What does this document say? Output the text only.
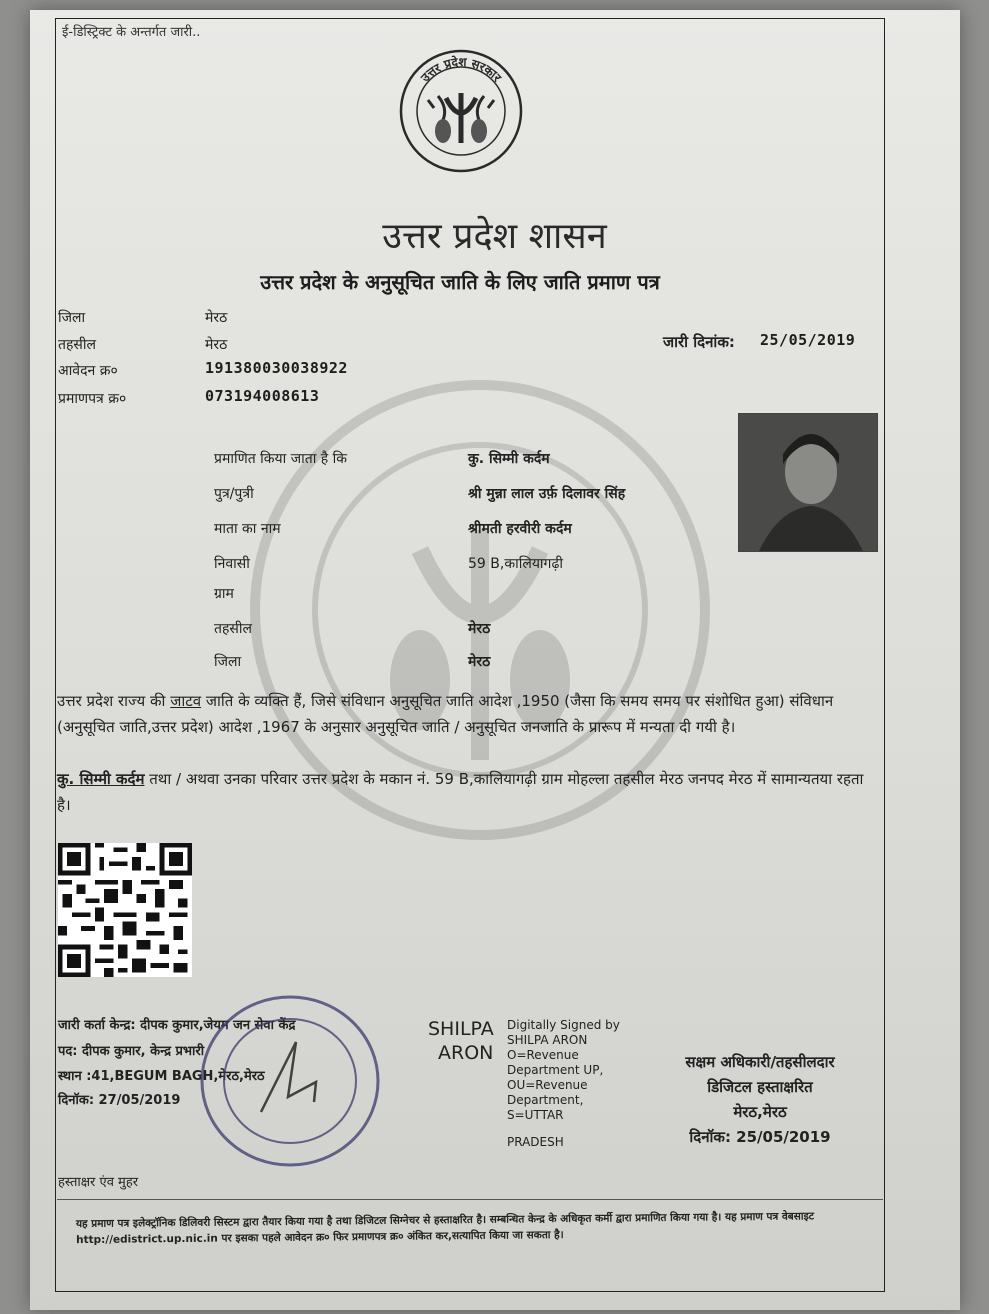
ई-डिस्ट्रिक्ट के अन्तर्गत जारी..
उत्तर प्रदेश सरकार
उत्तर प्रदेश शासन
उत्तर प्रदेश के अनुसूचित जाति के लिए जाति प्रमाण पत्र
जिला	मेरठ
तहसील	मेरठ
आवेदन क्र०	191380030038922
प्रमाणपत्र क्र०	073194008613
जारी दिनांक: 25/05/2019
प्रमाणित किया जाता है कि	कु. सिम्मी कर्दम
पुत्र/पुत्री	श्री मुन्ना लाल उर्फ़ दिलावर सिंह
माता का नाम	श्रीमती हरवीरी कर्दम
निवासी	59 B,कालियागढ़ी
ग्राम
तहसील	मेरठ
जिला	मेरठ
उत्तर प्रदेश राज्य की जाटव जाति के व्यक्ति हैं, जिसे संविधान अनुसूचित जाति आदेश ,1950 (जैसा कि समय समय पर संशोधित हुआ) संविधान (अनुसूचित जाति,उत्तर प्रदेश) आदेश ,1967 के अनुसार अनुसूचित जाति / अनुसूचित जनजाति के प्रारूप में मन्यता दी गयी है।
कु. सिम्मी कर्दम तथा / अथवा उनका परिवार उत्तर प्रदेश के मकान नं. 59 B,कालियागढ़ी ग्राम मोहल्ला तहसील मेरठ जनपद मेरठ में सामान्यतया रहता है।
जारी कर्ता केन्द्र: दीपक कुमार,जेयम जन सेवा केंद्र
पद: दीपक कुमार, केन्द्र प्रभारी
स्थान :41,BEGUM BAGH,मेरठ,मेरठ
दिनॉक: 27/05/2019
SHILPA
ARON
Digitally Signed by
SHILPA ARON
O=Revenue
Department UP,
OU=Revenue
Department,
S=UTTAR
PRADESH
सक्षम अधिकारी/तहसीलदार
डिजिटल हस्ताक्षरित
मेरठ,मेरठ
दिनॉक: 25/05/2019
हस्ताक्षर एंव मुहर
यह प्रमाण पत्र इलेक्ट्रॉनिक डिलिवरी सिस्टम द्वारा तैयार किया गया है तथा डिजिटल सिग्नेचर से हस्ताक्षरित है। सम्बन्धित केन्द्र के अधिकृत कर्मी द्वारा प्रमाणित किया गया है। यह प्रमाण पत्र वेबसाइट http://edistrict.up.nic.in पर इसका पहले आवेदन क्र० फिर प्रमाणपत्र क्र० अंकित कर,सत्यापित किया जा सकता है।
